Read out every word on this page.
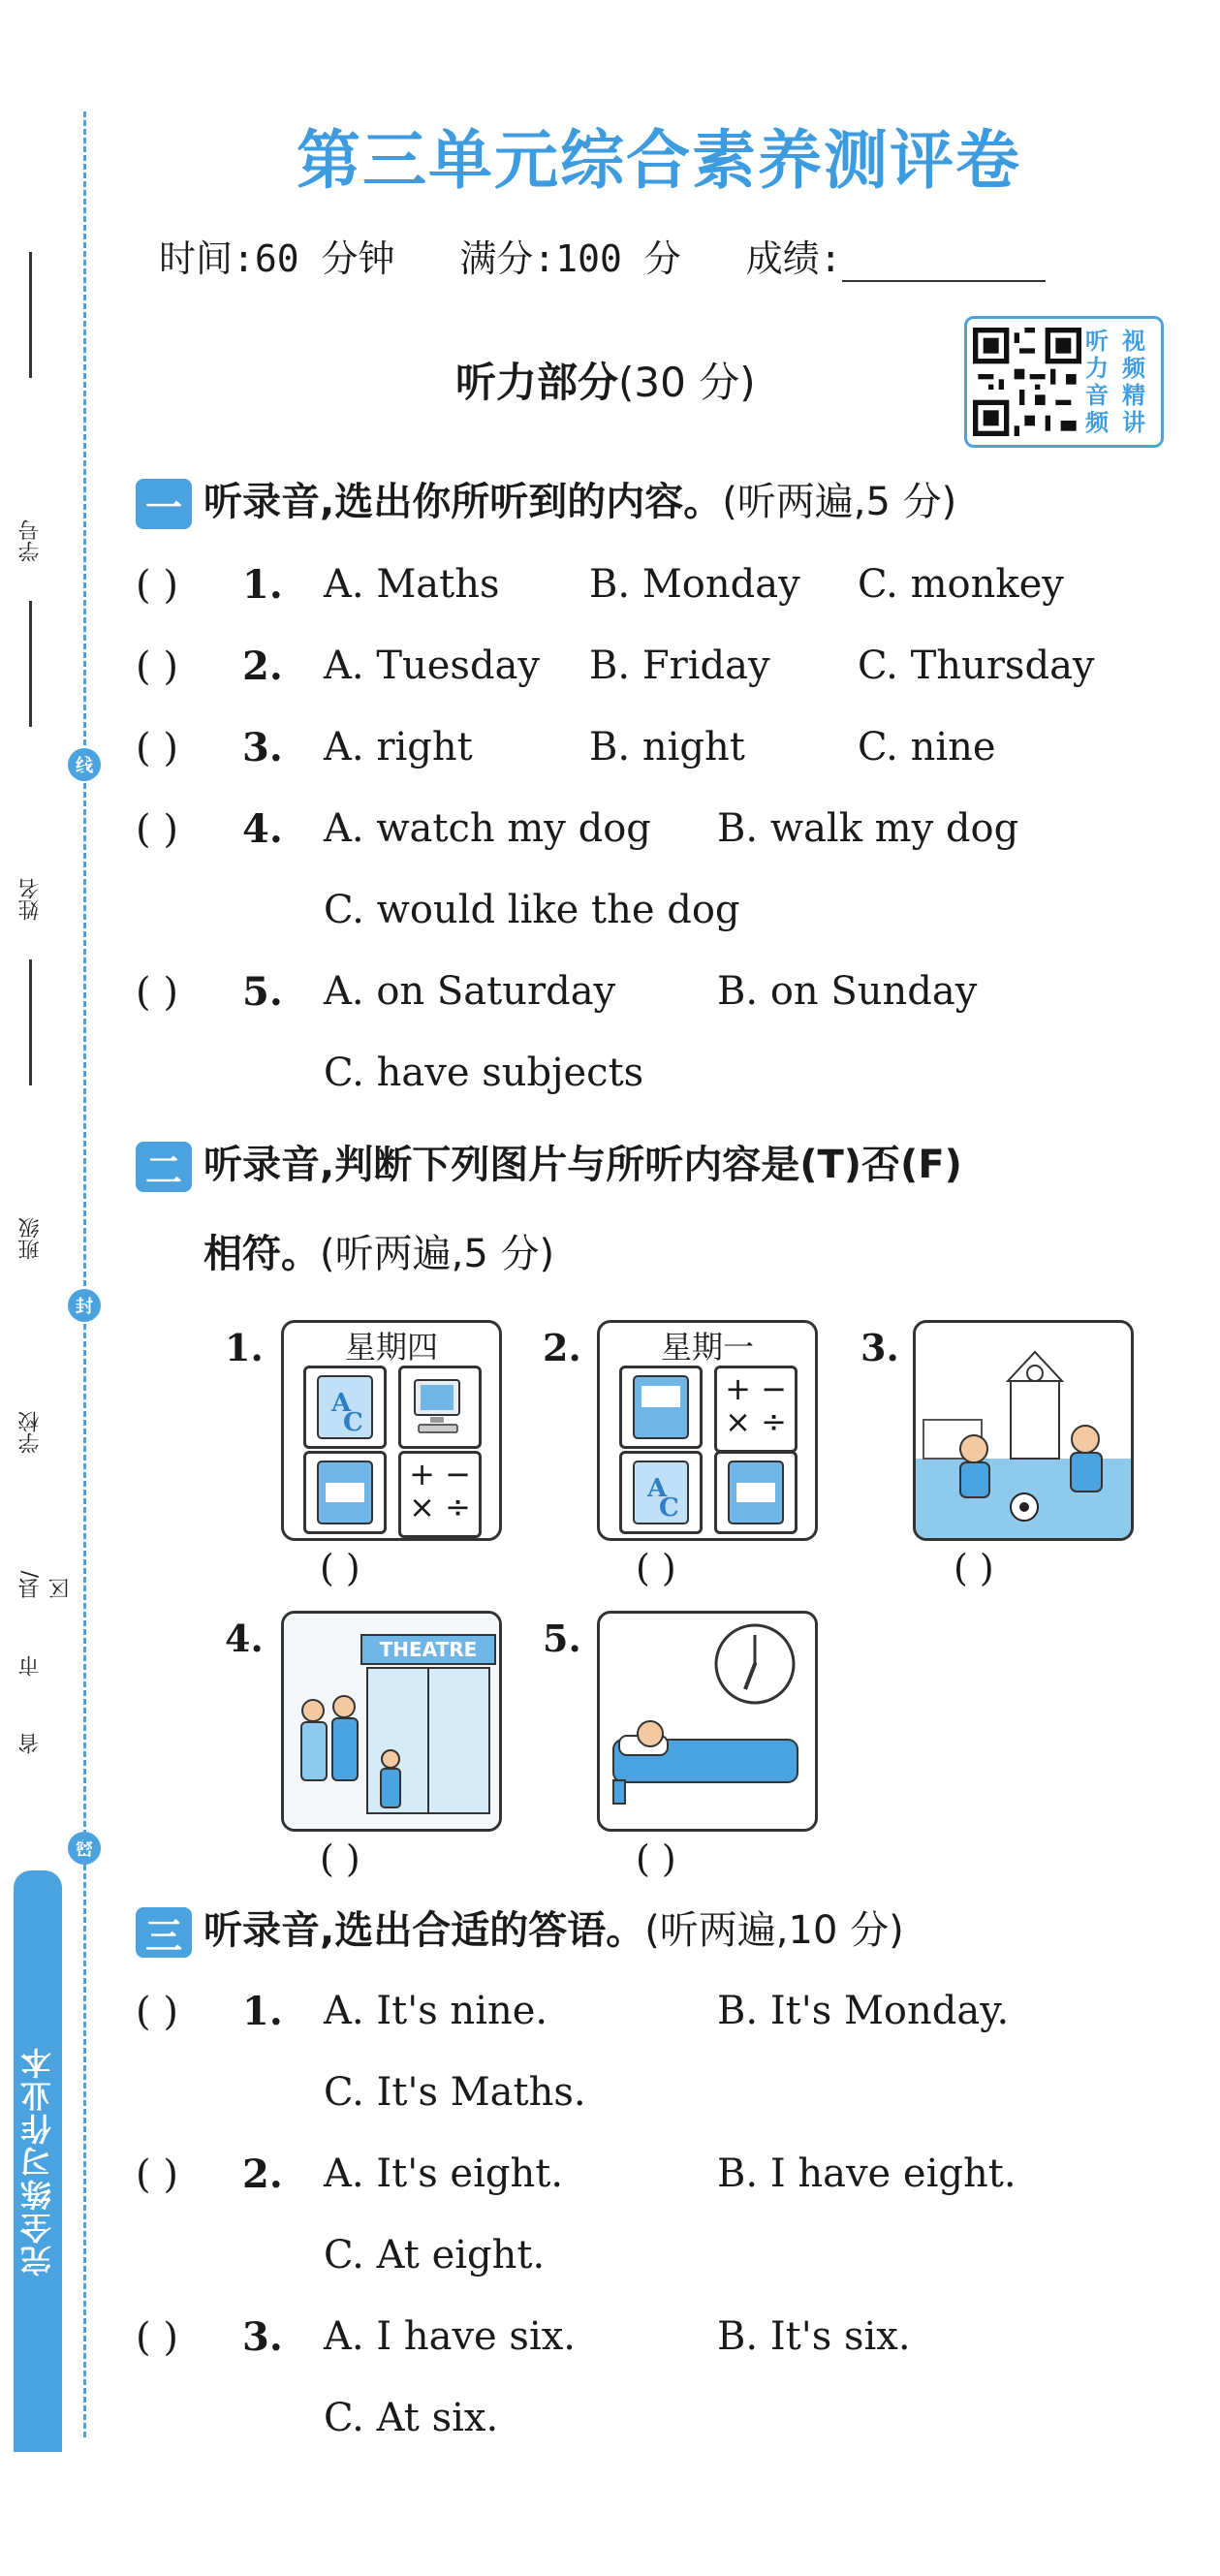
学号
姓名
班级
学校
县/区
市
省
线
封
密
完全练习作业本
第三单元综合素养测评卷
时间:60 分钟 满分:100 分 成绩:
听力部分(30 分)
听 视
力 频
音 精
频 讲
一 听录音,选出你所听到的内容。(听两遍,5 分)
( ) 1. A. Maths B. Monday C. monkey
( ) 2. A. Tuesday B. Friday C. Thursday
( ) 3. A. right	B. night	C. nine
( ) 4. A. watch my dog B. walk my dog
C. would like the dog
( ) 5. A. on Saturday	B. on Sunday
C. have subjects
二 听录音,判断下列图片与所听内容是(T)否(F)
相符。(听两遍,5 分)
1.	星期四
A
C
+ −
× ÷
( )
2.	星期一
+ −
× ÷
A
C
( )
3.
( )
4.	THEATRE
( )
5.
( )
三 听录音,选出合适的答语。(听两遍,10 分)
( ) 1. A. It's nine.	B. It's Monday.
C. It's Maths.
( ) 2. A. It's eight.	B. I have eight.
C. At eight.
( ) 3. A. I have six.	B. It's six.
C. At six.
